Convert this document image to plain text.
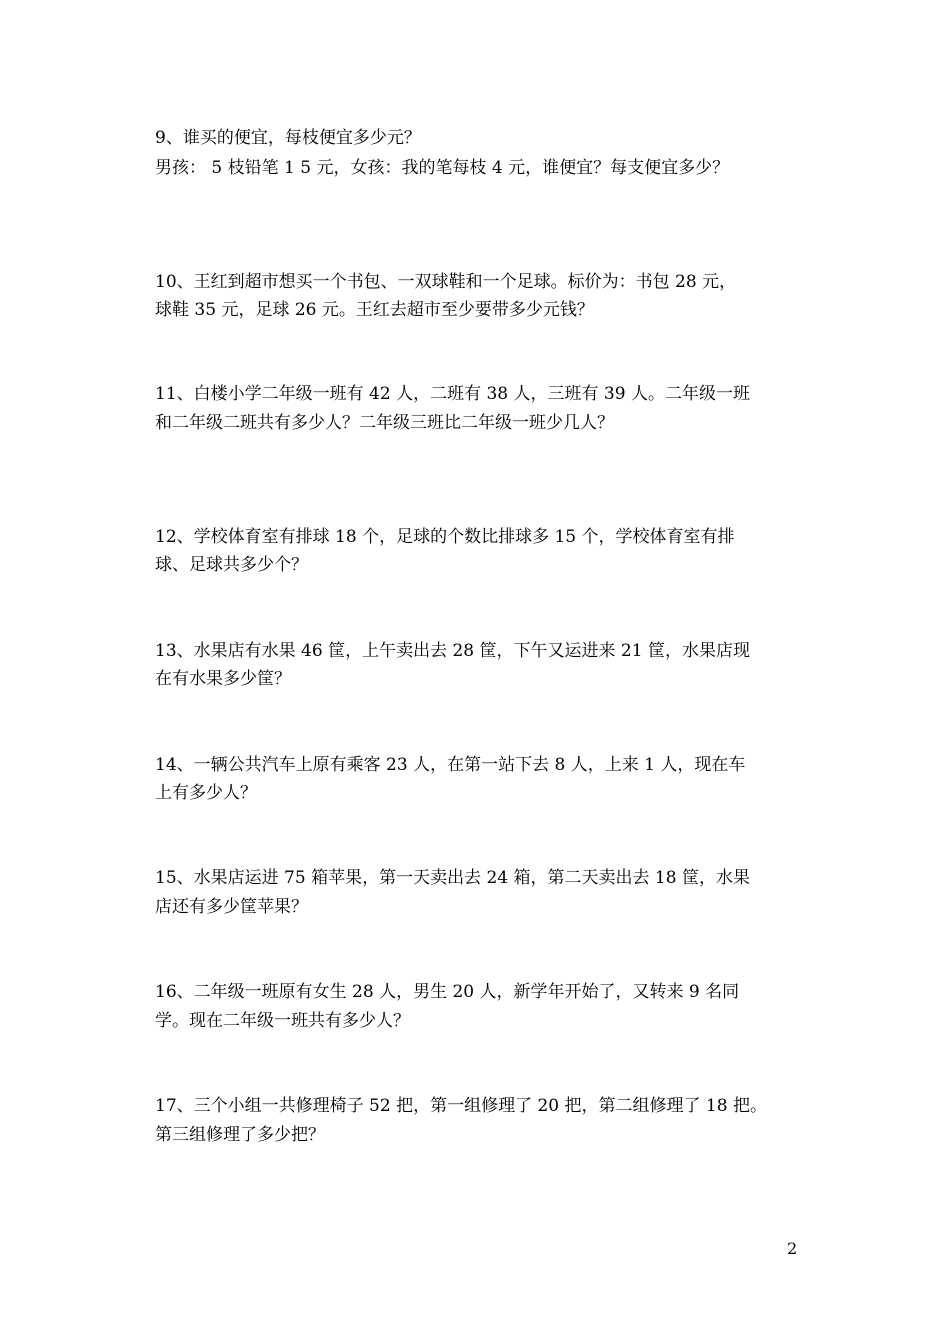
9、谁买的便宜，每枝便宜多少元？

男孩： 5 枝铅笔 1 5 元，女孩：我的笔每枝 4 元，谁便宜？每支便宜多少？

10、王红到超市想买一个书包、一双球鞋和一个足球。标价为：书包 28 元，

球鞋 35 元，足球 26 元。王红去超市至少要带多少元钱？

11、白楼小学二年级一班有 42 人，二班有 38 人，三班有 39 人。二年级一班

和二年级二班共有多少人？二年级三班比二年级一班少几人？

12、学校体育室有排球 18 个，足球的个数比排球多 15 个，学校体育室有排

球、足球共多少个？

13、水果店有水果 46 筐，上午卖出去 28 筐，下午又运进来 21 筐，水果店现

在有水果多少筐？

14、一辆公共汽车上原有乘客 23 人，在第一站下去 8 人，上来 1 人，现在车

上有多少人？

15、水果店运进 75 箱苹果，第一天卖出去 24 箱，第二天卖出去 18 筐，水果

店还有多少筐苹果？

16、二年级一班原有女生 28 人，男生 20 人，新学年开始了，又转来 9 名同

学。现在二年级一班共有多少人？

17、三个小组一共修理椅子 52 把，第一组修理了 20 把，第二组修理了 18 把。

第三组修理了多少把？

2
